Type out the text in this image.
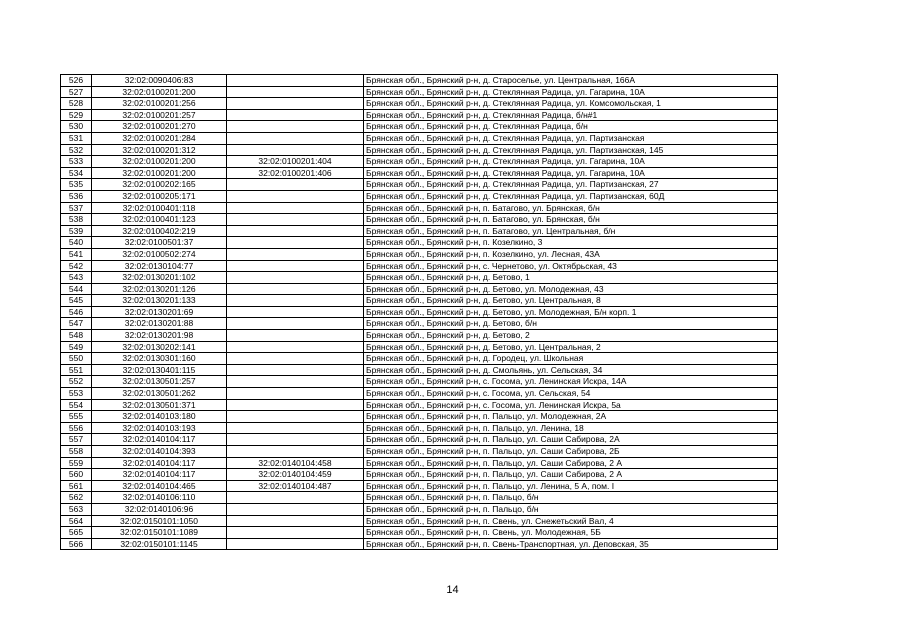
526	32:02:0090406:83		Брянская обл., Брянский р-н, д. Староселье, ул. Центральная, 166А
527	32:02:0100201:200		Брянская обл., Брянский р-н, д. Стеклянная Радица, ул. Гагарина, 10А
528	32:02:0100201:256		Брянская обл., Брянский р-н, д. Стеклянная Радица, ул. Комсомольская, 1
529	32:02:0100201:257		Брянская обл., Брянский р-н, д. Стеклянная Радица, б/н#1
530	32:02:0100201:270		Брянская обл., Брянский р-н, д. Стеклянная Радица, б/н
531	32:02:0100201:284		Брянская обл., Брянский р-н, д. Стеклянная Радица, ул. Партизанская
532	32:02:0100201:312		Брянская обл., Брянский р-н, д. Стеклянная Радица, ул. Партизанская, 145
533	32:02:0100201:200	32:02:0100201:404	Брянская обл., Брянский р-н, д. Стеклянная Радица, ул. Гагарина, 10А
534	32:02:0100201:200	32:02:0100201:406	Брянская обл., Брянский р-н, д. Стеклянная Радица, ул. Гагарина, 10А
535	32:02:0100202:165		Брянская обл., Брянский р-н, д. Стеклянная Радица, ул. Партизанская, 27
536	32:02:0100205:171		Брянская обл., Брянский р-н, д. Стеклянная Радица, ул. Партизанская, 60Д
537	32:02:0100401:118		Брянская обл., Брянский р-н, п. Батагово, ул. Брянская, б/н
538	32:02:0100401:123		Брянская обл., Брянский р-н, п. Батагово, ул. Брянская, б/н
539	32:02:0100402:219		Брянская обл., Брянский р-н, п. Батагово, ул. Центральная, б/н
540	32:02:0100501:37		Брянская обл., Брянский р-н, п. Козелкино, 3
541	32:02:0100502:274		Брянская обл., Брянский р-н, п. Козелкино, ул. Лесная, 43А
542	32:02:0130104:77		Брянская обл., Брянский р-н, с. Чернетово, ул. Октябрьская, 43
543	32:02:0130201:102		Брянская обл., Брянский р-н, д. Бетово, 1
544	32:02:0130201:126		Брянская обл., Брянский р-н, д. Бетово, ул. Молодежная, 43
545	32:02:0130201:133		Брянская обл., Брянский р-н, д. Бетово, ул. Центральная, 8
546	32:02:0130201:69		Брянская обл., Брянский р-н, д. Бетово, ул. Молодежная, Б/н корп. 1
547	32:02:0130201:88		Брянская обл., Брянский р-н, д. Бетово, б/н
548	32:02:0130201:98		Брянская обл., Брянский р-н, д. Бетово, 2
549	32:02:0130202:141		Брянская обл., Брянский р-н, д. Бетово, ул. Центральная, 2
550	32:02:0130301:160		Брянская обл., Брянский р-н, д. Городец, ул. Школьная
551	32:02:0130401:115		Брянская обл., Брянский р-н, д. Смольянь, ул. Сельская, 34
552	32:02:0130501:257		Брянская обл., Брянский р-н, с. Госома, ул. Ленинская Искра, 14А
553	32:02:0130501:262		Брянская обл., Брянский р-н, с. Госома, ул. Сельская, 54
554	32:02:0130501:371		Брянская обл., Брянский р-н, с. Госома, ул. Ленинская Искра, 5а
555	32:02:0140103:180		Брянская обл., Брянский р-н, п. Пальцо, ул. Молодежная, 2А
556	32:02:0140103:193		Брянская обл., Брянский р-н, п. Пальцо, ул. Ленина, 18
557	32:02:0140104:117		Брянская обл., Брянский р-н, п. Пальцо, ул. Саши Сабирова, 2А
558	32:02:0140104:393		Брянская обл., Брянский р-н, п. Пальцо, ул. Саши Сабирова, 2Б
559	32:02:0140104:117	32:02:0140104:458	Брянская обл., Брянский р-н, п. Пальцо, ул. Саши Сабирова, 2 А
560	32:02:0140104:117	32:02:0140104:459	Брянская обл., Брянский р-н, п. Пальцо, ул. Саши Сабирова, 2 А
561	32:02:0140104:465	32:02:0140104:487	Брянская обл., Брянский р-н, п. Пальцо, ул. Ленина, 5 А, пом. I
562	32:02:0140106:110		Брянская обл., Брянский р-н, п. Пальцо, б/н
563	32:02:0140106:96		Брянская обл., Брянский р-н, п. Пальцо, б/н
564	32:02:0150101:1050		Брянская обл., Брянский р-н, п. Свень, ул. Снежетьский Вал, 4
565	32:02:0150101:1089		Брянская обл., Брянский р-н, п. Свень, ул. Молодежная, 5Б
566	32:02:0150101:1145		Брянская обл., Брянский р-н, п. Свень-Транспортная, ул. Деповская, 35
14
